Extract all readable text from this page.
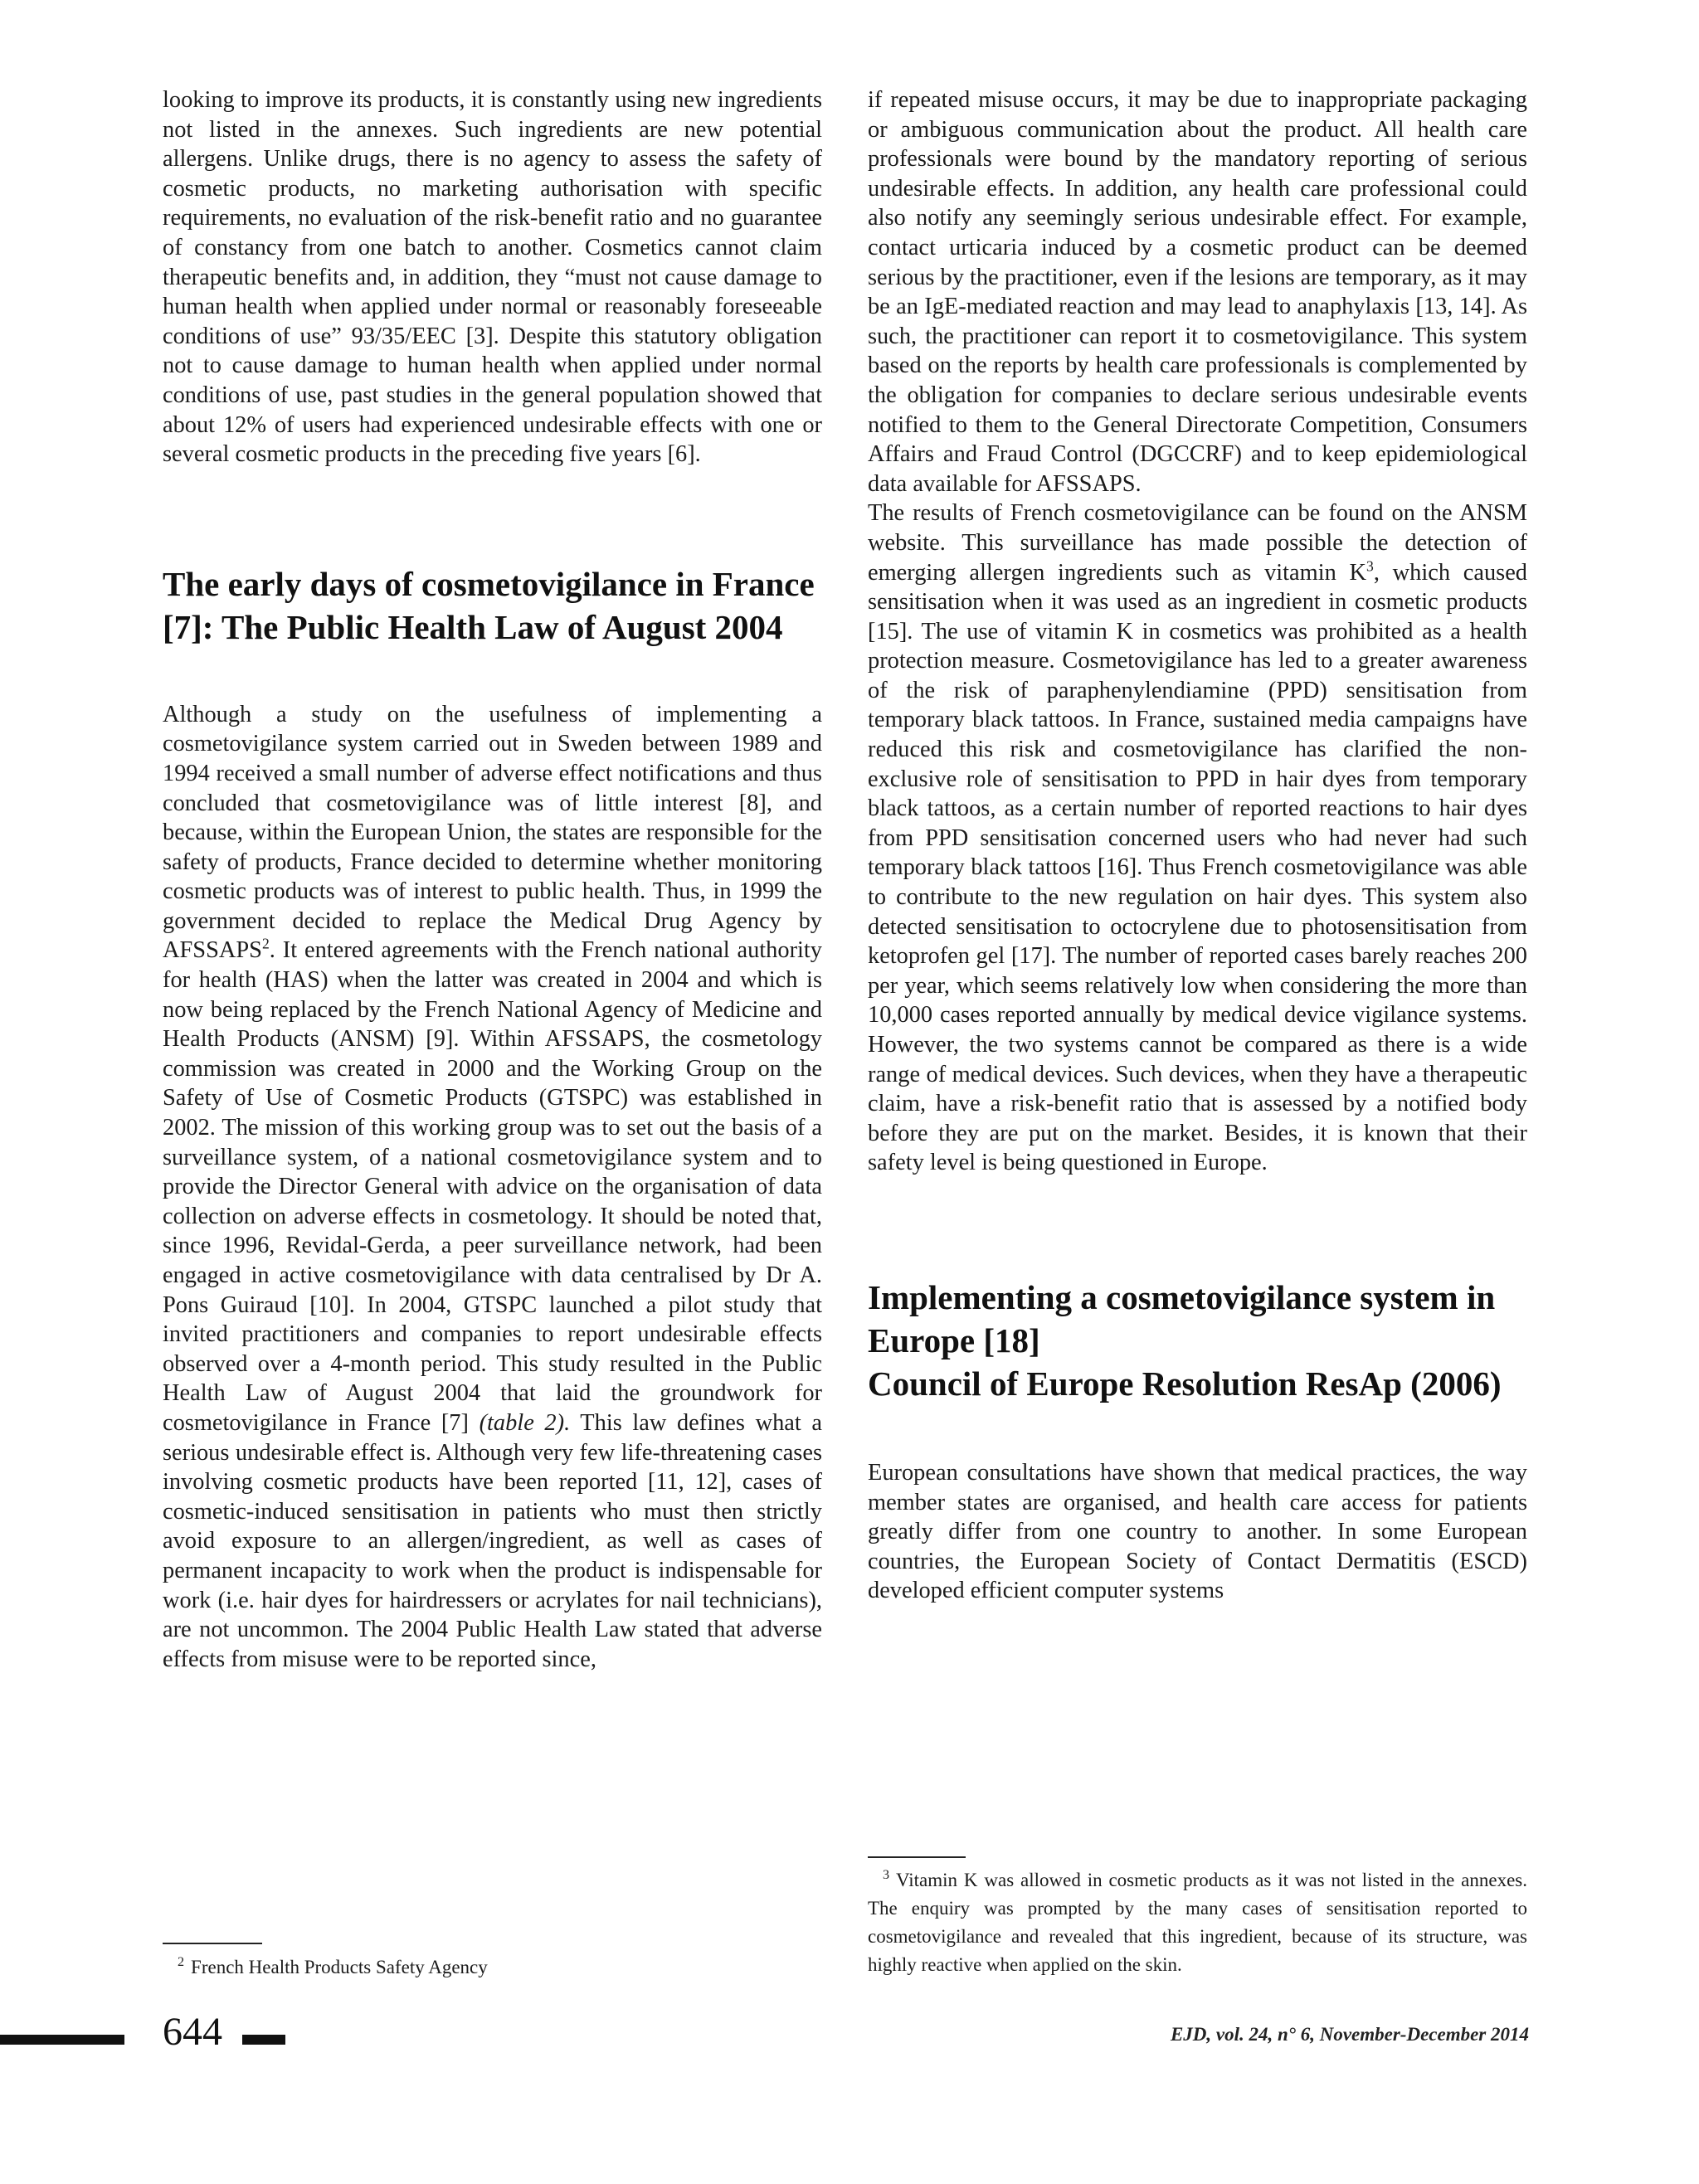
looking to improve its products, it is constantly using new ingredients not listed in the annexes. Such ingredients are new potential allergens. Unlike drugs, there is no agency to assess the safety of cosmetic products, no marketing authorisation with specific requirements, no evaluation of the risk-benefit ratio and no guarantee of constancy from one batch to another. Cosmetics cannot claim therapeutic benefits and, in addition, they “must not cause damage to human health when applied under normal or reasonably foreseeable conditions of use” 93/35/EEC [3]. Despite this statutory obligation not to cause damage to human health when applied under normal conditions of use, past studies in the general population showed that about 12% of users had experienced undesirable effects with one or several cosmetic products in the preceding five years [6].

The early days of cosmetovigilance in France [7]: The Public Health Law of August 2004

Although a study on the usefulness of implementing a cosmetovigilance system carried out in Sweden between 1989 and 1994 received a small number of adverse effect notifications and thus concluded that cosmetovigilance was of little interest [8], and because, within the European Union, the states are responsible for the safety of products, France decided to determine whether monitoring cosmetic products was of interest to public health. Thus, in 1999 the government decided to replace the Medical Drug Agency by AFSSAPS$^2$. It entered agreements with the French national authority for health (HAS) when the latter was created in 2004 and which is now being replaced by the French National Agency of Medicine and Health Products (ANSM) [9]. Within AFSSAPS, the cosmetology commission was created in 2000 and the Working Group on the Safety of Use of Cosmetic Products (GTSPC) was established in 2002. The mission of this working group was to set out the basis of a surveillance system, of a national cosmetovigilance system and to provide the Director General with advice on the organisation of data collection on adverse effects in cosmetology. It should be noted that, since 1996, Revidal-Gerda, a peer surveillance network, had been engaged in active cosmetovigilance with data centralised by Dr A. Pons Guiraud [10]. In 2004, GTSPC launched a pilot study that invited practitioners and companies to report undesirable effects observed over a 4-month period. This study resulted in the Public Health Law of August 2004 that laid the groundwork for cosmetovigilance in France [7] (table 2). This law defines what a serious undesirable effect is. Although very few life-threatening cases involving cosmetic products have been reported [11, 12], cases of cosmetic-induced sensitisation in patients who must then strictly avoid exposure to an allergen/ingredient, as well as cases of permanent incapacity to work when the product is indispensable for work (i.e. hair dyes for hairdressers or acrylates for nail technicians), are not uncommon. The 2004 Public Health Law stated that adverse effects from misuse were to be reported since,

if repeated misuse occurs, it may be due to inappropriate packaging or ambiguous communication about the product. All health care professionals were bound by the mandatory reporting of serious undesirable effects. In addition, any health care professional could also notify any seemingly serious undesirable effect. For example, contact urticaria induced by a cosmetic product can be deemed serious by the practitioner, even if the lesions are temporary, as it may be an IgE-mediated reaction and may lead to anaphylaxis [13, 14]. As such, the practitioner can report it to cosmetovigilance. This system based on the reports by health care professionals is complemented by the obligation for companies to declare serious undesirable events notified to them to the General Directorate Competition, Consumers Affairs and Fraud Control (DGCCRF) and to keep epidemiological data available for AFSSAPS.

The results of French cosmetovigilance can be found on the ANSM website. This surveillance has made possible the detection of emerging allergen ingredients such as vitamin $K^3$, which caused sensitisation when it was used as an ingredient in cosmetic products [15]. The use of vitamin K in cosmetics was prohibited as a health protection measure. Cosmetovigilance has led to a greater awareness of the risk of paraphenylendiamine (PPD) sensitisation from temporary black tattoos. In France, sustained media campaigns have reduced this risk and cosmetovigilance has clarified the non-exclusive role of sensitisation to PPD in hair dyes from temporary black tattoos, as a certain number of reported reactions to hair dyes from PPD sensitisation concerned users who had never had such temporary black tattoos [16]. Thus French cosmetovigilance was able to contribute to the new regulation on hair dyes. This system also detected sensitisation to octocrylene due to photosensitisation from ketoprofen gel [17]. The number of reported cases barely reaches 200 per year, which seems relatively low when considering the more than 10,000 cases reported annually by medical device vigilance systems. However, the two systems cannot be compared as there is a wide range of medical devices. Such devices, when they have a therapeutic claim, have a risk-benefit ratio that is assessed by a notified body before they are put on the market. Besides, it is known that their safety level is being questioned in Europe.

Implementing a cosmetovigilance system in Europe [18]
Council of Europe Resolution ResAp (2006)

European consultations have shown that medical practices, the way member states are organised, and health care access for patients greatly differ from one country to another. In some European countries, the European Society of Contact Dermatitis (ESCD) developed efficient computer systems

$^2$ French Health Products Safety Agency
$^3$ Vitamin K was allowed in cosmetic products as it was not listed in the annexes. The enquiry was prompted by the many cases of sensitisation reported to cosmetovigilance and revealed that this ingredient, because of its structure, was highly reactive when applied on the skin.
644	EJD, vol. 24, n° 6, November-December 2014
